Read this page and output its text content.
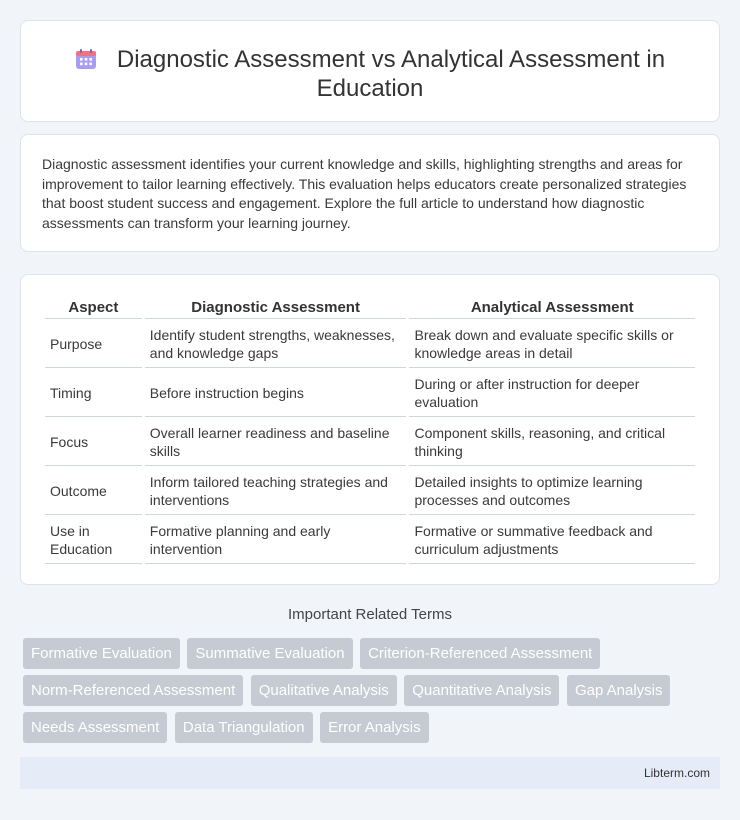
Diagnostic Assessment vs Analytical Assessment in Education

Diagnostic assessment identifies your current knowledge and skills, highlighting strengths and areas for improvement to tailor learning effectively. This evaluation helps educators create personalized strategies that boost student success and engagement. Explore the full article to understand how diagnostic assessments can transform your learning journey.

Aspect	Diagnostic Assessment	Analytical Assessment
Purpose	Identify student strengths, weaknesses, and knowledge gaps	Break down and evaluate specific skills or knowledge areas in detail
Timing	Before instruction begins	During or after instruction for deeper evaluation
Focus	Overall learner readiness and baseline skills	Component skills, reasoning, and critical thinking
Outcome	Inform tailored teaching strategies and interventions	Detailed insights to optimize learning processes and outcomes
Use in Education	Formative planning and early intervention	Formative or summative feedback and curriculum adjustments
Important Related Terms
Formative Evaluation Summative Evaluation Criterion-Referenced Assessment
Norm-Referenced Assessment Qualitative Analysis Quantitative Analysis Gap Analysis
Needs Assessment Data Triangulation Error Analysis
Libterm.com
